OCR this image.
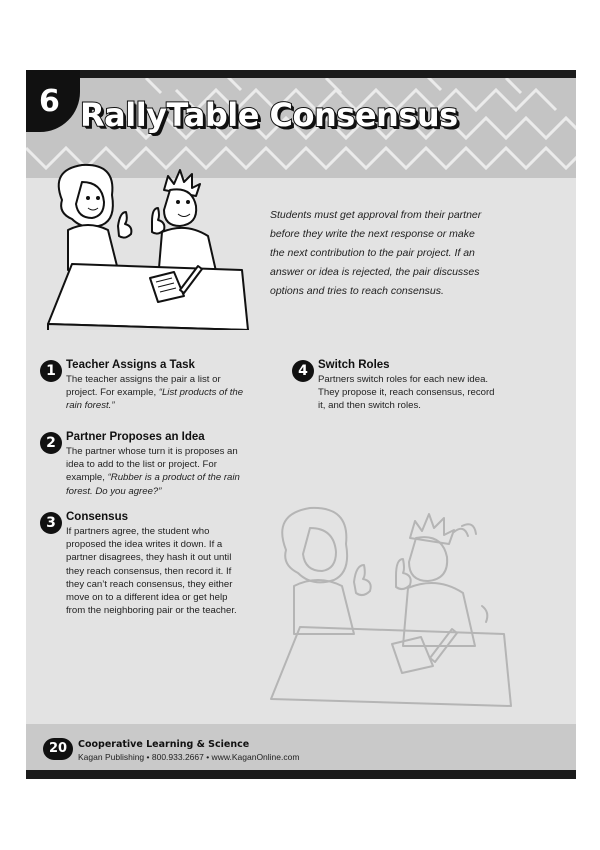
6 RallyTable Consensus

Students must get approval from their partner before they write the next response or make the next contribution to the pair project. If an answer or idea is rejected, the pair discusses options and tries to reach consensus.

1 Teacher Assigns a Task

The teacher assigns the pair a list or project. For example, “List products of the rain forest.”

2 Partner Proposes an Idea

The partner whose turn it is proposes an idea to add to the list or project. For example, “Rubber is a product of the rain forest. Do you agree?”

3 Consensus

If partners agree, the student who proposed the idea writes it down. If a partner disagrees, they hash it out until they reach consensus, then record it. If they can’t reach consensus, they either move on to a different idea or get help from the neighboring pair or the teacher.

4 Switch Roles

Partners switch roles for each new idea. They propose it, reach consensus, record it, and then switch roles.

20	Cooperative Learning & Science
Kagan Publishing • 800.933.2667 • www.KaganOnline.com
